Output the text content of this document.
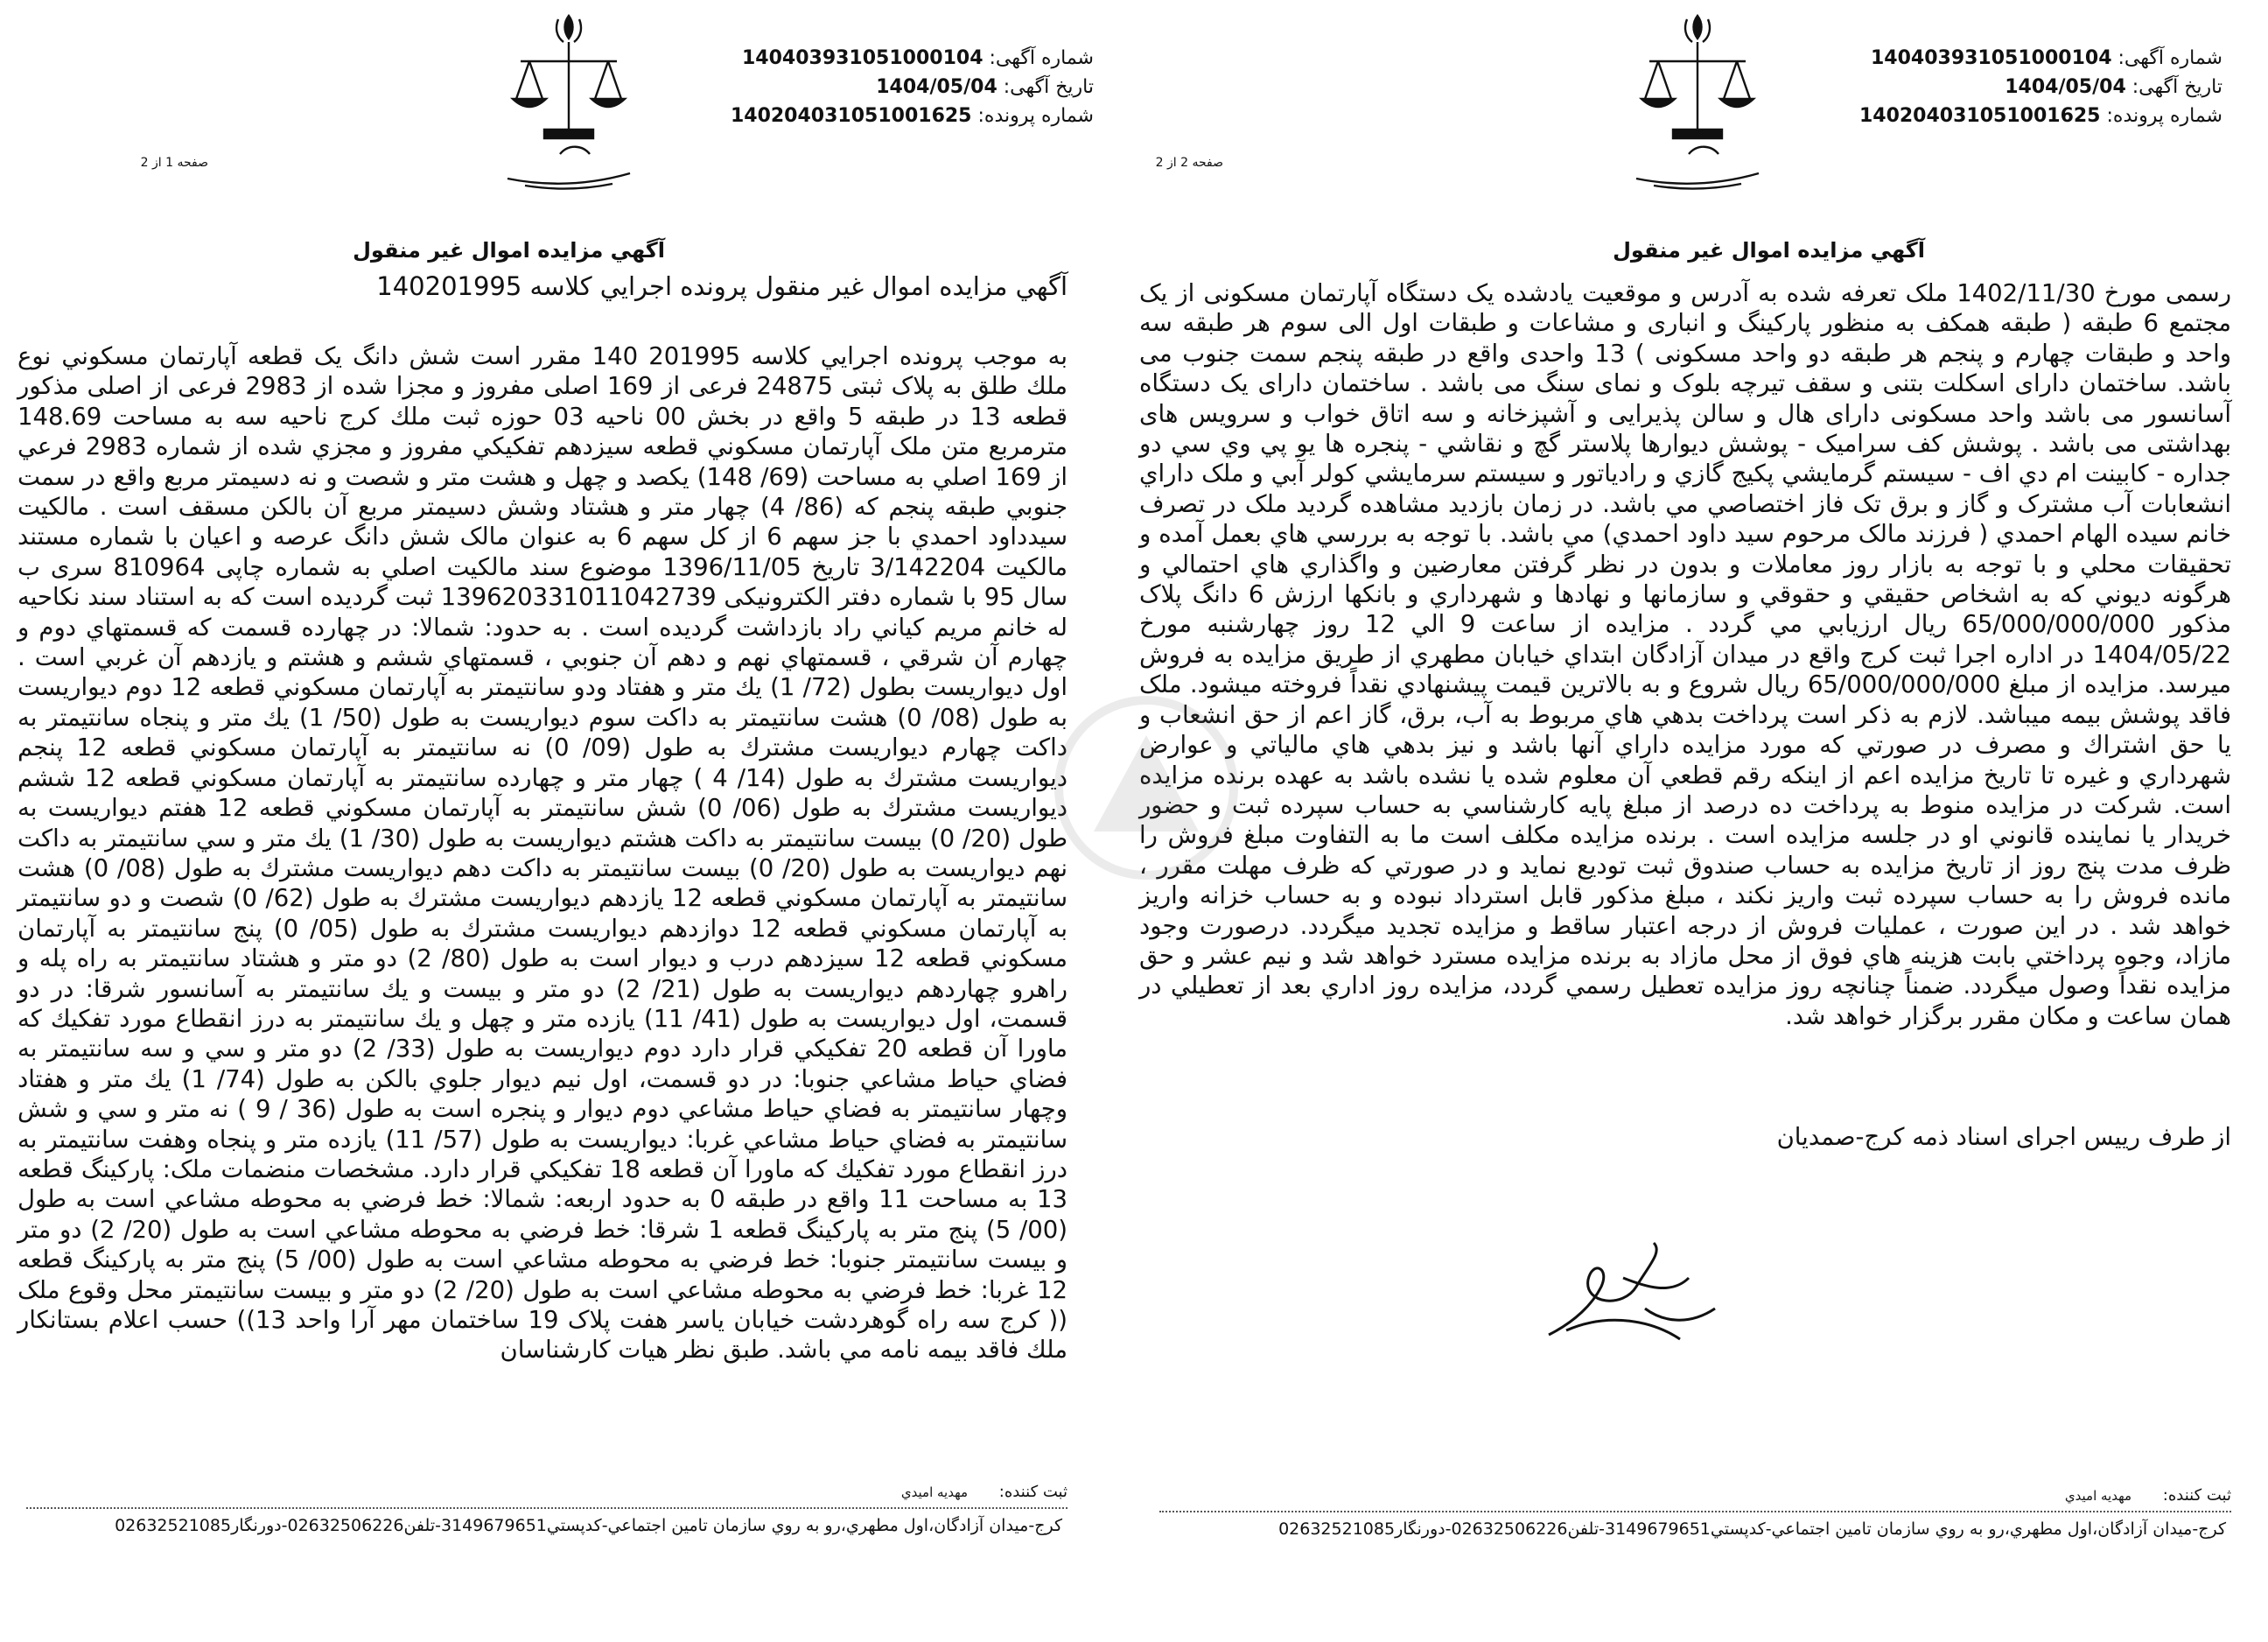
شماره آگهی: 140403931051000104
تاریخ آگهی: 1404/05/04
شماره پرونده: 140204031051001625
صفحه 2 از 2
آگهي مزايده اموال غير منقول
رسمی مورخ 1402/11/30 ملک تعرفه شده به آدرس و موقعیت یادشده یک دستگاه آپارتمان مسکونی از یک مجتمع 6 طبقه ( طبقه همکف به منظور پارکینگ و انباری و مشاعات و طبقات اول الی سوم هر طبقه سه واحد و طبقات چهارم و پنجم هر طبقه دو واحد مسکونی ) 13 واحدی واقع در طبقه پنجم سمت جنوب می باشد. ساختمان دارای اسکلت بتنی و سقف تیرچه بلوک و نمای سنگ می باشد . ساختمان دارای یک دستگاه آسانسور می باشد واحد مسکونی دارای هال و سالن پذیرایی و آشپزخانه و سه اتاق خواب و سرویس های بهداشتی می باشد . پوشش كف سراميک - پوشش ديوارها پلاستر گچ و نقاشي - پنجره ها يو پي وي سي دو جداره - كابينت ام دي اف - سيستم گرمايشي پكيج گازي و رادياتور و سيستم سرمايشي كولر آبي و ملک داراي انشعابات آب مشترک و گاز و برق تک فاز اختصاصي مي باشد. در زمان بازديد مشاهده گرديد ملک در تصرف خانم سيده الهام احمدي ( فرزند مالک مرحوم سيد داود احمدي) مي باشد. با توجه به بررسي هاي بعمل آمده و تحقيقات محلي و با توجه به بازار روز معاملات و بدون در نظر گرفتن معارضين و واگذاري هاي احتمالي و هرگونه ديوني كه به اشخاص حقيقي و حقوقي و سازمانها و نهادها و شهرداري و بانكها ارزش 6 دانگ پلاک مذكور 65/000/000/000 ريال ارزيابي مي گردد . مزايده از ساعت 9 الي 12 روز چهارشنبه مورخ 1404/05/22 در اداره اجرا ثبت كرج واقع در ميدان آزادگان ابتداي خيابان مطهري از طريق مزايده به فروش ميرسد. مزايده از مبلغ 65/000/000/000 ريال شروع و به بالاترين قيمت پيشنهادي نقداً فروخته ميشود. ملک فاقد پوشش بيمه ميباشد. لازم به ذكر است پرداخت بدهي هاي مربوط به آب، برق، گاز اعم از حق انشعاب و يا حق اشتراك و مصرف در صورتي كه مورد مزايده داراي آنها باشد و نيز بدهي هاي مالياتي و عوارض شهرداري و غيره تا تاريخ مزايده اعم از اينكه رقم قطعي آن معلوم شده يا نشده باشد به عهده برنده مزايده است. شركت در مزايده منوط به پرداخت ده درصد از مبلغ پايه كارشناسي به حساب سپرده ثبت و حضور خريدار يا نماينده قانوني او در جلسه مزايده است . برنده مزايده مكلف است ما به التفاوت مبلغ فروش را ظرف مدت پنج روز از تاريخ مزايده به حساب صندوق ثبت توديع نمايد و در صورتي كه ظرف مهلت مقرر ، مانده فروش را به حساب سپرده ثبت واريز نكند ، مبلغ مذكور قابل استرداد نبوده و به حساب خزانه واريز خواهد شد . در اين صورت ، عمليات فروش از درجه اعتبار ساقط و مزايده تجديد ميگردد. درصورت وجود مازاد، وجوه پرداختي بابت هزينه هاي فوق از محل مازاد به برنده مزايده مسترد خواهد شد و نيم عشر و حق مزايده نقداً وصول ميگردد. ضمناً چنانچه روز مزايده تعطيل رسمي گردد، مزايده روز اداري بعد از تعطيلي در همان ساعت و مكان مقرر برگزار خواهد شد.
از طرف رییس اجرای اسناد ذمه کرج-صمديان
ثبت کننده: مهديه اميدي
كرج-ميدان آزادگان،اول مطهري،رو به روي سازمان تامين اجتماعي-كدپستي3149679651-تلفن02632506226-دورنگار02632521085
شماره آگهی: 140403931051000104
تاریخ آگهی: 1404/05/04
شماره پرونده: 140204031051001625
صفحه 1 از 2
آگهي مزايده اموال غير منقول
آگهي مزايده اموال غير منقول پرونده اجرايي كلاسه 140201995
به موجب پرونده اجرايي كلاسه 201995 140 مقرر است شش دانگ یک قطعه آپارتمان مسکوني نوع ملك طلق به پلاک ثبتی 24875 فرعی از 169 اصلی مفروز و مجزا شده از 2983 فرعی از اصلی مذکور قطعه 13 در طبقه 5 واقع در بخش 00 ناحیه 03 حوزه ثبت ملك كرج ناحيه سه به مساحت 148.69 مترمربع متن ملک آپارتمان مسكوني قطعه سيزدهم تفكيكي مفروز و مجزي شده از شماره 2983 فرعي از 169 اصلي به مساحت (69/ 148) يكصد و چهل و هشت متر و شصت و نه دسيمتر مربع واقع در سمت جنوبي طبقه پنجم كه (86/ 4) چهار متر و هشتاد وشش دسيمتر مربع آن بالكن مسقف است . مالكيت سيدداود احمدي با جز سهم 6 از کل سهم 6 به عنوان مالک شش دانگ عرصه و اعيان با شماره مستند مالکيت 3/142204 تاريخ 1396/11/05 موضوع سند مالکيت اصلي به شماره چاپی 810964 سری ب سال 95 با شماره دفتر الکترونیکی 139620331011042739 ثبت گرديده است كه به استناد سند نكاحيه له خانم مريم كياني راد بازداشت گرديده است . به حدود: شمالا: در چهارده قسمت كه قسمتهاي دوم و چهارم آن شرقي ، قسمتهاي نهم و دهم آن جنوبي ، قسمتهاي ششم و هشتم و يازدهم آن غربي است . اول ديواريست بطول (72/ 1) يك متر و هفتاد ودو سانتيمتر به آپارتمان مسكوني قطعه 12 دوم ديواريست به طول (08/ 0) هشت سانتيمتر به داكت سوم ديواريست به طول (50/ 1) يك متر و پنجاه سانتيمتر به داكت چهارم ديواريست مشترك به طول (09/ 0) نه سانتيمتر به آپارتمان مسكوني قطعه 12 پنجم ديواريست مشترك به طول (14/ 4 ) چهار متر و چهارده سانتيمتر به آپارتمان مسكوني قطعه 12 ششم ديواريست مشترك به طول (06/ 0) شش سانتيمتر به آپارتمان مسكوني قطعه 12 هفتم ديواريست به طول (20/ 0) بيست سانتيمتر به داكت هشتم ديواريست به طول (30/ 1) يك متر و سي سانتيمتر به داكت نهم ديواريست به طول (20/ 0) بيست سانتيمتر به داكت دهم ديواريست مشترك به طول (08/ 0) هشت سانتيمتر به آپارتمان مسكوني قطعه 12 يازدهم ديواريست مشترك به طول (62/ 0) شصت و دو سانتيمتر به آپارتمان مسكوني قطعه 12 دوازدهم ديواريست مشترك به طول (05/ 0) پنج سانتيمتر به آپارتمان مسكوني قطعه 12 سيزدهم درب و ديوار است به طول (80/ 2) دو متر و هشتاد سانتيمتر به راه پله و راهرو چهاردهم ديواريست به طول (21/ 2) دو متر و بيست و يك سانتيمتر به آسانسور شرقا: در دو قسمت، اول ديواريست به طول (41/ 11) يازده متر و چهل و يك سانتيمتر به درز انقطاع مورد تفكيك كه ماورا آن قطعه 20 تفكيكي قرار دارد دوم ديواريست به طول (33/ 2) دو متر و سي و سه سانتيمتر به فضاي حياط مشاعي جنوبا: در دو قسمت، اول نيم ديوار جلوي بالكن به طول (74/ 1) يك متر و هفتاد وچهار سانتيمتر به فضاي حياط مشاعي دوم ديوار و پنجره است به طول (36 / 9 ) نه متر و سي و شش سانتيمتر به فضاي حياط مشاعي غربا: ديواريست به طول (57/ 11) يازده متر و پنجاه وهفت سانتيمتر به درز انقطاع مورد تفكيك كه ماورا آن قطعه 18 تفكيكي قرار دارد. مشخصات منضمات ملک: پاركينگ قطعه 13 به مساحت 11 واقع در طبقه 0 به حدود اربعه: شمالا: خط فرضي به محوطه مشاعي است به طول (00/ 5) پنج متر به پاركينگ قطعه 1 شرقا: خط فرضي به محوطه مشاعي است به طول (20/ 2) دو متر و بيست سانتيمتر جنوبا: خط فرضي به محوطه مشاعي است به طول (00/ 5) پنج متر به پاركينگ قطعه 12 غربا: خط فرضي به محوطه مشاعي است به طول (20/ 2) دو متر و بيست سانتيمتر محل وقوع ملک (( کرج سه راه گوهردشت خيابان ياسر هفت پلاک 19 ساختمان مهر آرا واحد 13)) حسب اعلام بستانكار ملك فاقد بيمه نامه مي باشد. طبق نظر هيات كارشناسان
ثبت کننده: مهديه اميدي
كرج-ميدان آزادگان،اول مطهري،رو به روي سازمان تامين اجتماعي-كدپستي3149679651-تلفن02632506226-دورنگار02632521085
